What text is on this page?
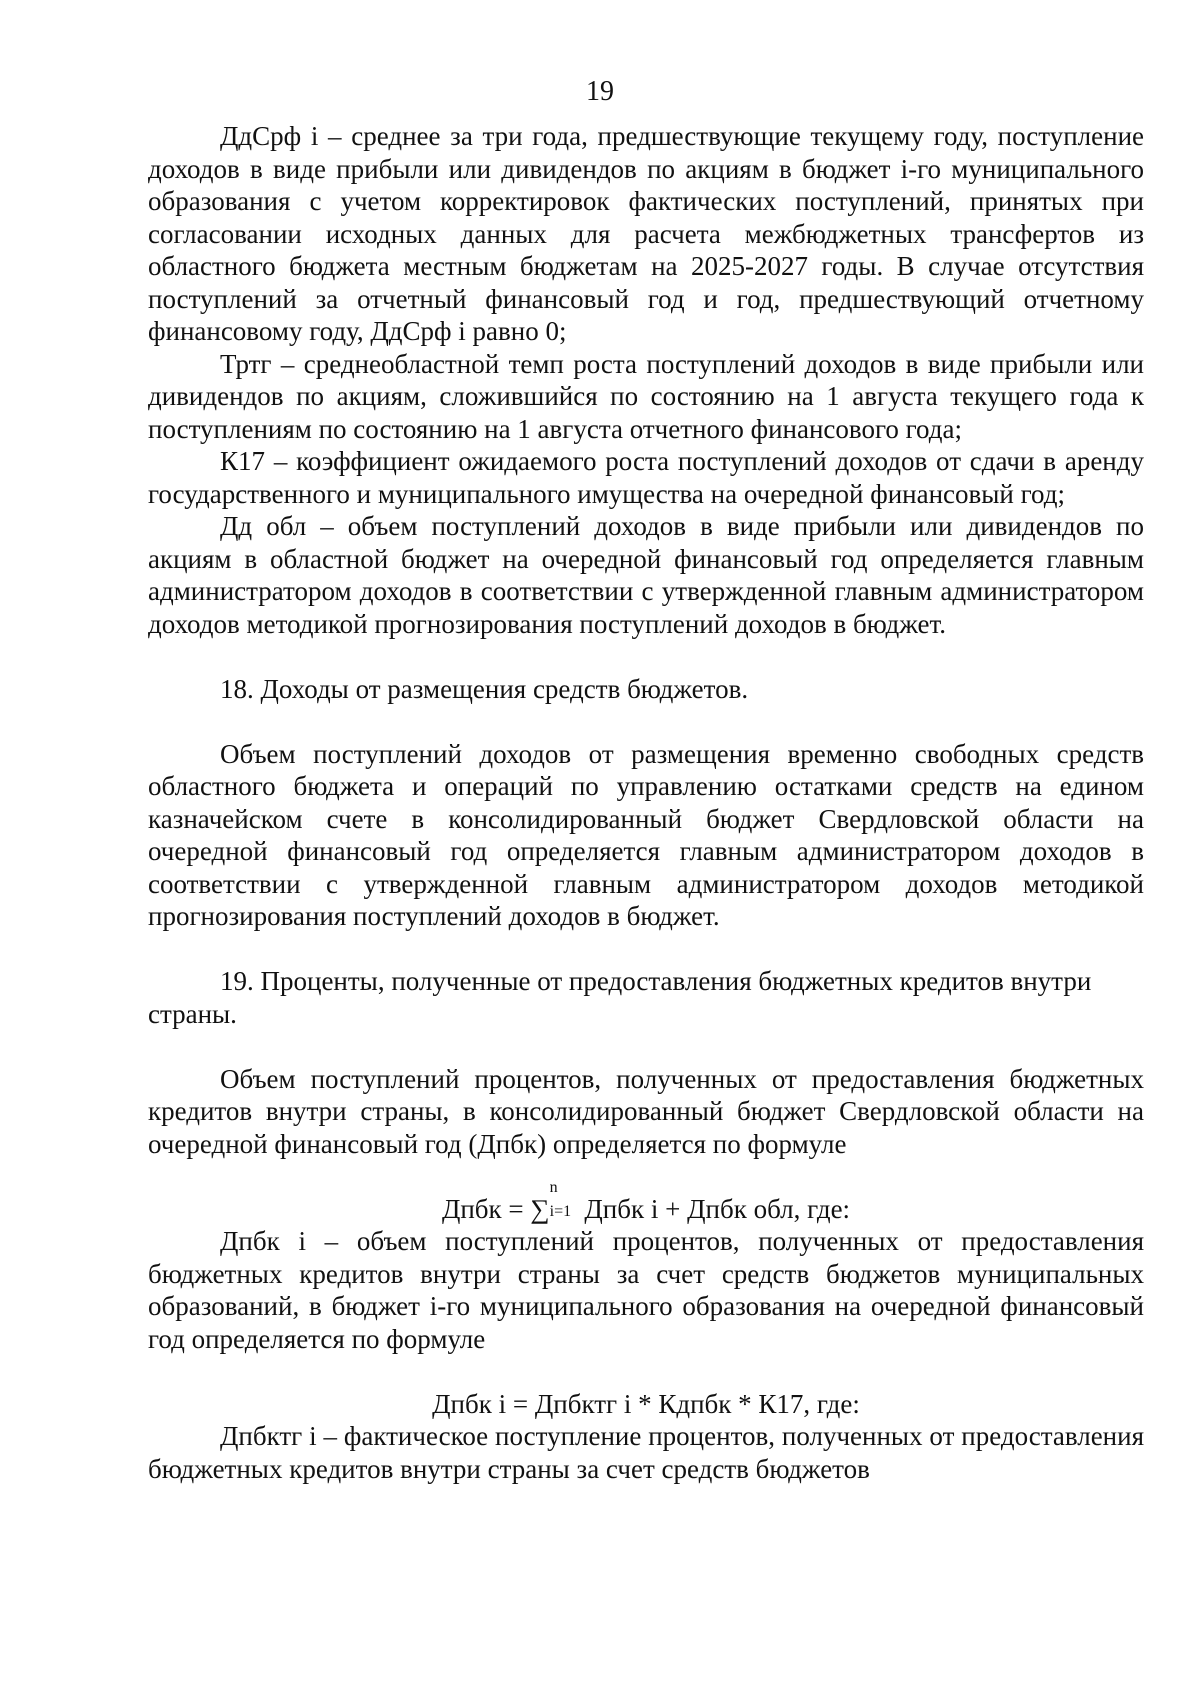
19

ДдСрф i – среднее за три года, предшествующие текущему году, поступление доходов в виде прибыли или дивидендов по акциям в бюджет i-го муниципального образования с учетом корректировок фактических поступлений, принятых при согласовании исходных данных для расчета межбюджетных трансфертов из областного бюджета местным бюджетам на 2025-2027 годы. В случае отсутствия поступлений за отчетный финансовый год и год, предшествующий отчетному финансовому году, ДдСрф i равно 0;

Тртг – среднеобластной темп роста поступлений доходов в виде прибыли или дивидендов по акциям, сложившийся по состоянию на 1 августа текущего года к поступлениям по состоянию на 1 августа отчетного финансового года;

К17 – коэффициент ожидаемого роста поступлений доходов от сдачи в аренду государственного и муниципального имущества на очередной финансовый год;

Дд обл – объем поступлений доходов в виде прибыли или дивидендов по акциям в областной бюджет на очередной финансовый год определяется главным администратором доходов в соответствии с утвержденной главным администратором доходов методикой прогнозирования поступлений доходов в бюджет.

18. Доходы от размещения средств бюджетов.

Объем поступлений доходов от размещения временно свободных средств областного бюджета и операций по управлению остатками средств на едином казначейском счете в консолидированный бюджет Свердловской области на очередной финансовый год определяется главным администратором доходов в соответствии с утвержденной главным администратором доходов методикой прогнозирования поступлений доходов в бюджет.

19. Проценты, полученные от предоставления бюджетных кредитов внутри страны.

Объем поступлений процентов, полученных от предоставления бюджетных кредитов внутри страны, в консолидированный бюджет Свердловской области на очередной финансовый год (Дпбк) определяется по формуле

Дпбк = ∑
n
i=1 Дпбк i + Дпбк обл, где:

Дпбк i – объем поступлений процентов, полученных от предоставления бюджетных кредитов внутри страны за счет средств бюджетов муниципальных образований, в бюджет i-го муниципального образования на очередной финансовый год определяется по формуле

Дпбк i = Дпбктг i * Кдпбк * К17, где:

Дпбктг i – фактическое поступление процентов, полученных от предоставления бюджетных кредитов внутри страны за счет средств бюджетов
